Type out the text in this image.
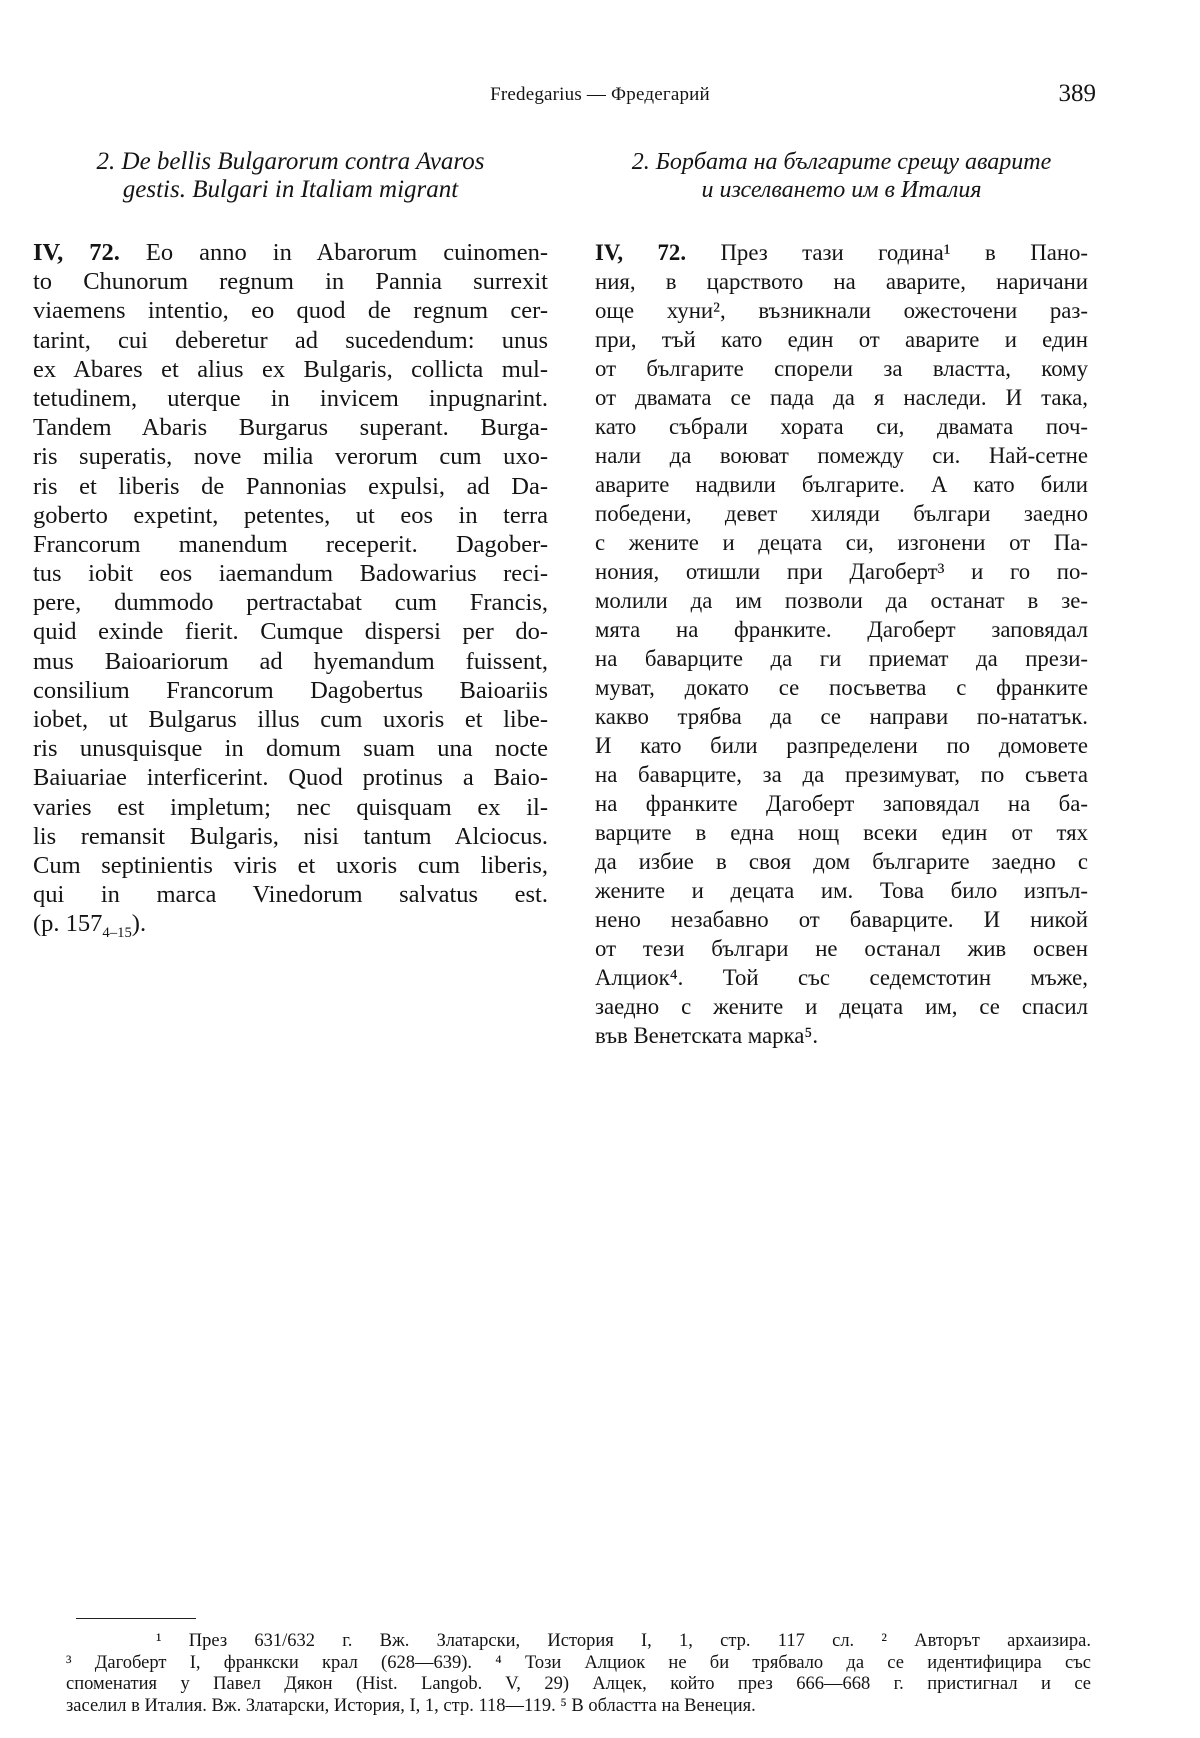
Fredegarius — Фредегарий	389
2. De bellis Bulgarorum contra Avaros
gestis. Bulgari in Italiam migrant
IV, 72. Eo anno in Abarorum cuinomen-
to Chunorum regnum in Pannia surrexit
viaemens intentio, eo quod de regnum cer-
tarint, cui deberetur ad sucedendum: unus
ex Abares et alius ex Bulgaris, collicta mul-
tetudinem, uterque in invicem inpugnarint.
Tandem Abaris Burgarus superant. Burga-
ris superatis, nove milia verorum cum uxo-
ris et liberis de Pannonias expulsi, ad Da-
goberto expetint, petentes, ut eos in terra
Francorum manendum receperit. Dagober-
tus iobit eos iaemandum Badowarius reci-
pere, dummodo pertractabat cum Francis,
quid exinde fierit. Cumque dispersi per do-
mus Baioariorum ad hyemandum fuissent,
consilium Francorum Dagobertus Baioariis
iobet, ut Bulgarus illus cum uxoris et libe-
ris unusquisque in domum suam una nocte
Baiuariae interficerint. Quod protinus a Baio-
varies est impletum; nec quisquam ex il-
lis remansit Bulgaris, nisi tantum Alciocus.
Cum septinientis viris et uxoris cum liberis,
qui in marca Vinedorum salvatus est.
(p. $157_{4-15}$).
2. Борбата на българите срещу аварите
и изселването им в Италия
IV, 72. През тази година¹ в Пано-
ния, в царството на аварите, наричани
още хуни², възникнали ожесточени раз-
при, тъй като един от аварите и един
от българите спорели за властта, кому
от двамата се пада да я наследи. И така,
като събрали хората си, двамата поч-
нали да воюват помежду си. Най-сетне
аварите надвили българите. А като били
победени, девет хиляди българи заедно
с жените и децата си, изгонени от Па-
нония, отишли при Дагоберт³ и го по-
молили да им позволи да останат в зе-
мята на франките. Дагоберт заповядал
на баварците да ги приемат да прези-
муват, докато се посъветва с франките
какво трябва да се направи по-нататък.
И като били разпределени по домовете
на баварците, за да презимуват, по съвета
на франките Дагоберт заповядал на ба-
варците в една нощ всеки един от тях
да избие в своя дом българите заедно с
жените и децата им. Това било изпъл-
нено незабавно от баварците. И никой
от тези българи не останал жив освен
Алциок⁴. Той със седемстотин мъже,
заедно с жените и децата им, се спасил
във Венетската марка⁵.
¹ През 631/632 г. Вж. Златарски, История I, 1, стр. 117 сл. ² Авторът архаизира.
³ Дагоберт I, франкски крал (628—639). ⁴ Този Алциок не би трябвало да се идентифицира със
споменатия у Павел Дякон (Hist. Langob. V, 29) Алцек, който през 666—668 г. пристигнал и се
заселил в Италия. Вж. Златарски, История, I, 1, стр. 118—119. ⁵ В областта на Венеция.
